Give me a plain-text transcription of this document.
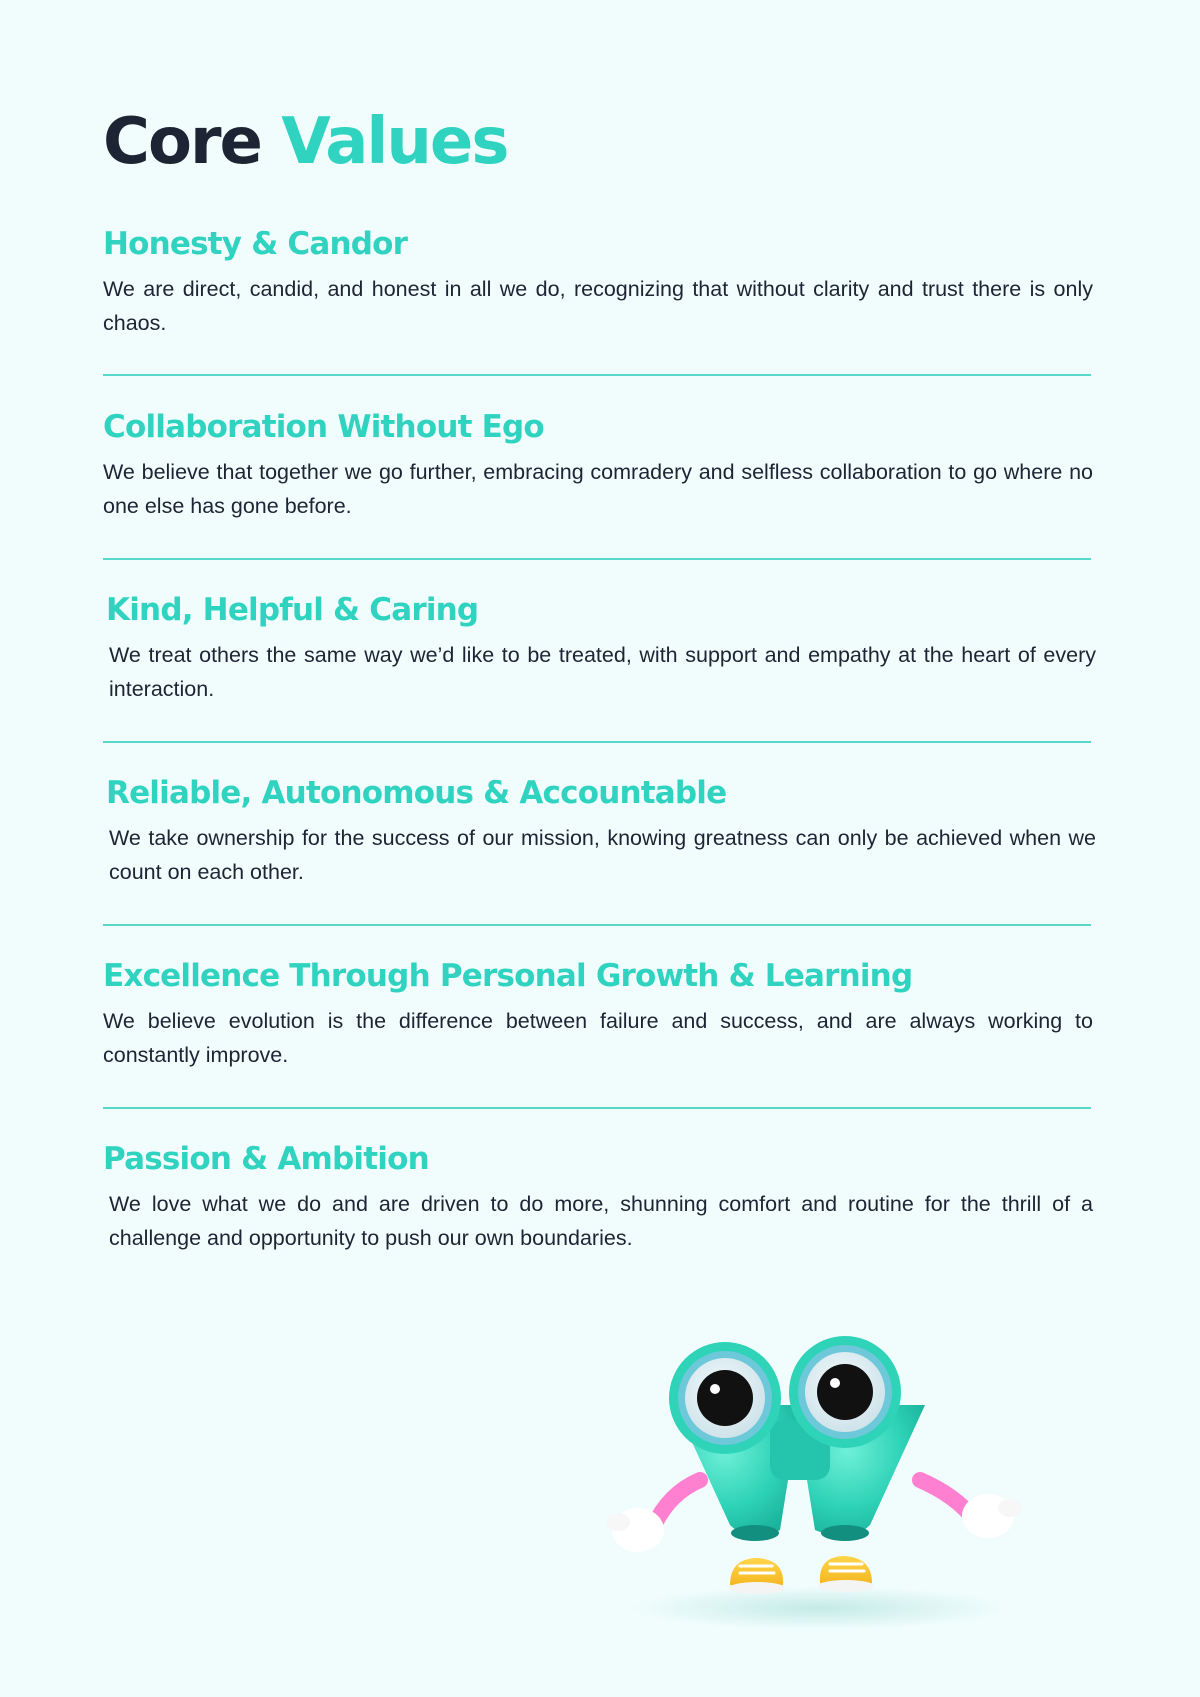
Core Values
Honesty & Candor

We are direct, candid, and honest in all we do, recognizing that without clarity and trust there is only chaos.

Collaboration Without Ego

We believe that together we go further, embracing comradery and selfless collaboration to go where no one else has gone before.

Kind, Helpful & Caring

We treat others the same way we’d like to be treated, with support and empathy at the heart of every interaction.

Reliable, Autonomous & Accountable

We take ownership for the success of our mission, knowing greatness can only be achieved when we count on each other.

Excellence Through Personal Growth & Learning

We believe evolution is the difference between failure and success, and are always working to constantly improve.

Passion & Ambition

We love what we do and are driven to do more, shunning comfort and routine for the thrill of a challenge and opportunity to push our own boundaries.
